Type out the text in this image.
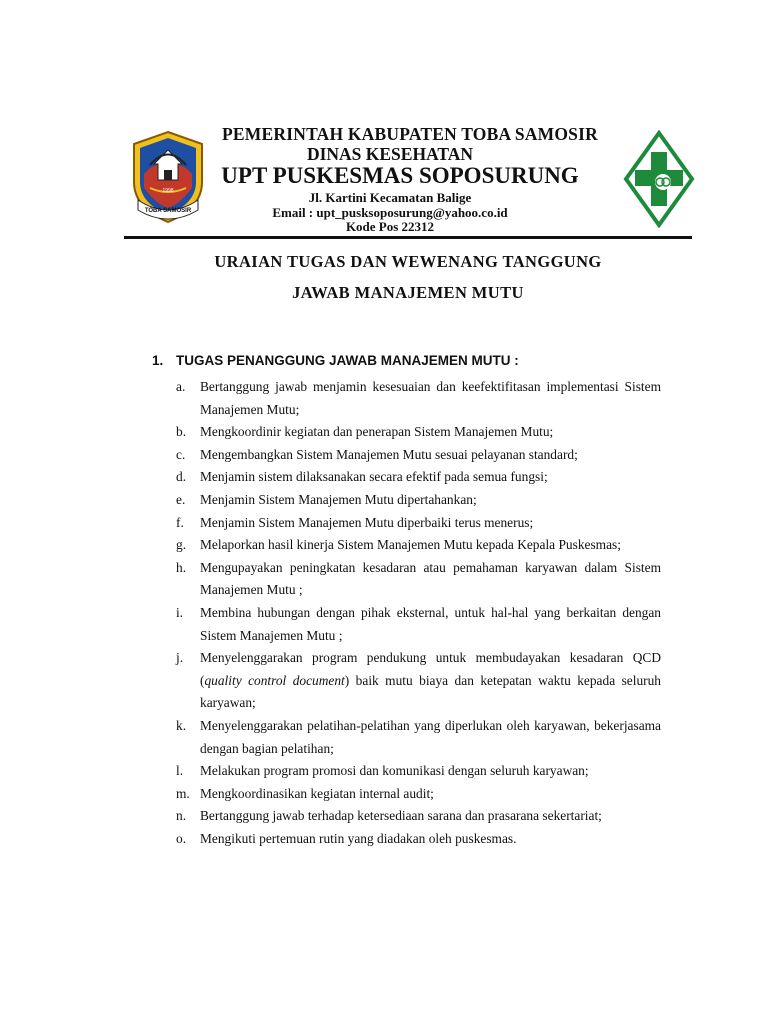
TOBA SAMOSIR
1998
PEMERINTAH KABUPATEN TOBA SAMOSIR
DINAS KESEHATAN
UPT PUSKESMAS SOPOSURUNG

Jl. Kartini Kecamatan Balige

Email : upt_pusksoposurung@yahoo.co.id

Kode Pos 22312

URAIAN TUGAS DAN WEWENANG TANGGUNG
JAWAB MANAJEMEN MUTU

1. TUGAS PENANGGUNG JAWAB MANAJEMEN MUTU :

a. Bertanggung jawab menjamin kesesuaian dan keefektifitasan implementasi Sistem Manajemen Mutu;
b. Mengkoordinir kegiatan dan penerapan Sistem Manajemen Mutu;
c. Mengembangkan Sistem Manajemen Mutu sesuai pelayanan standard;
d. Menjamin sistem dilaksanakan secara efektif pada semua fungsi;
e. Menjamin Sistem Manajemen Mutu dipertahankan;
f. Menjamin Sistem Manajemen Mutu diperbaiki terus menerus;
g. Melaporkan hasil kinerja Sistem Manajemen Mutu kepada Kepala Puskesmas;
h. Mengupayakan peningkatan kesadaran atau pemahaman karyawan dalam Sistem Manajemen Mutu ;
i. Membina hubungan dengan pihak eksternal, untuk hal-hal yang berkaitan dengan Sistem Manajemen Mutu ;
j. Menyelenggarakan program pendukung untuk membudayakan kesadaran QCD (quality control document) baik mutu biaya dan ketepatan waktu kepada seluruh karyawan;
k. Menyelenggarakan pelatihan-pelatihan yang diperlukan oleh karyawan, bekerjasama dengan bagian pelatihan;
l. Melakukan program promosi dan komunikasi dengan seluruh karyawan;
m. Mengkoordinasikan kegiatan internal audit;
n. Bertanggung jawab terhadap ketersediaan sarana dan prasarana sekertariat;
o. Mengikuti pertemuan rutin yang diadakan oleh puskesmas.
